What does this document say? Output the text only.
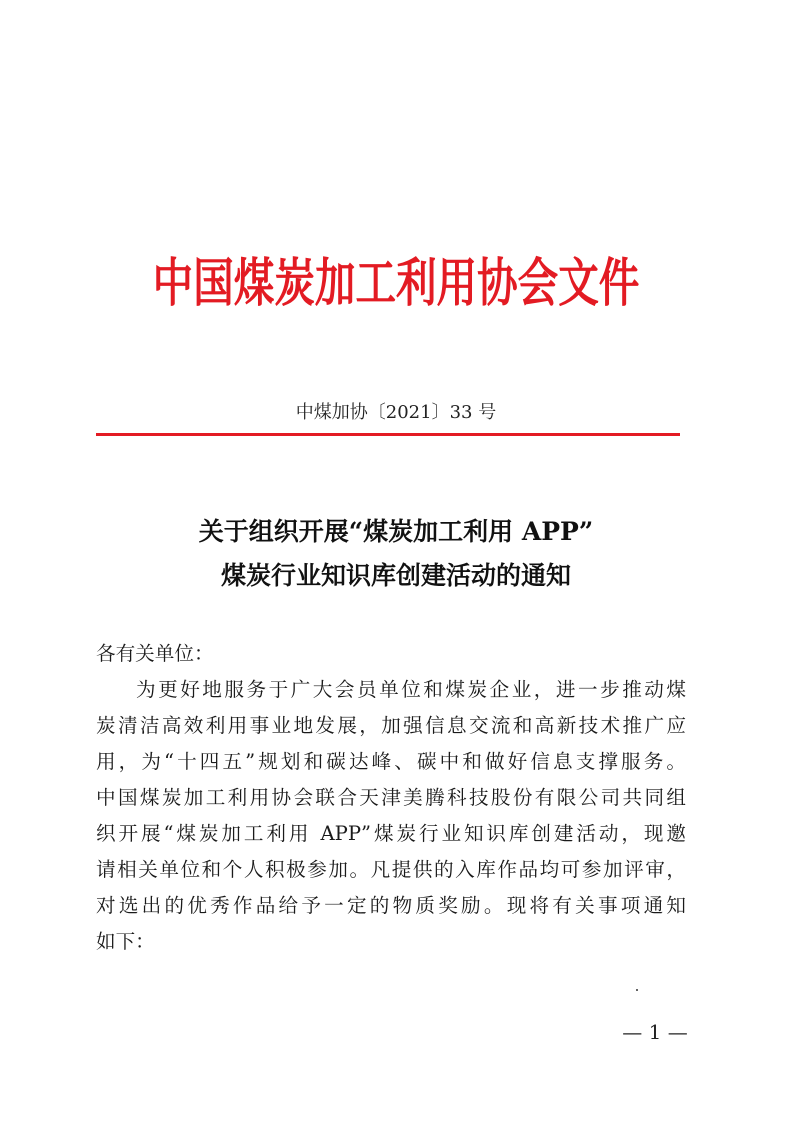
中国煤炭加工利用协会文件
中煤加协〔2021〕33 号
关于组织开展“煤炭加工利用 APP”
煤炭行业知识库创建活动的通知
各有关单位：
为更好地服务于广大会员单位和煤炭企业，进一步推动煤
炭清洁高效利用事业地发展，加强信息交流和高新技术推广应
用，为“十四五”规划和碳达峰、碳中和做好信息支撑服务。
中国煤炭加工利用协会联合天津美腾科技股份有限公司共同组
织开展“煤炭加工利用 APP”煤炭行业知识库创建活动，现邀
请相关单位和个人积极参加。凡提供的入库作品均可参加评审，
对选出的优秀作品给予一定的物质奖励。现将有关事项通知
如下：
— 1 —
